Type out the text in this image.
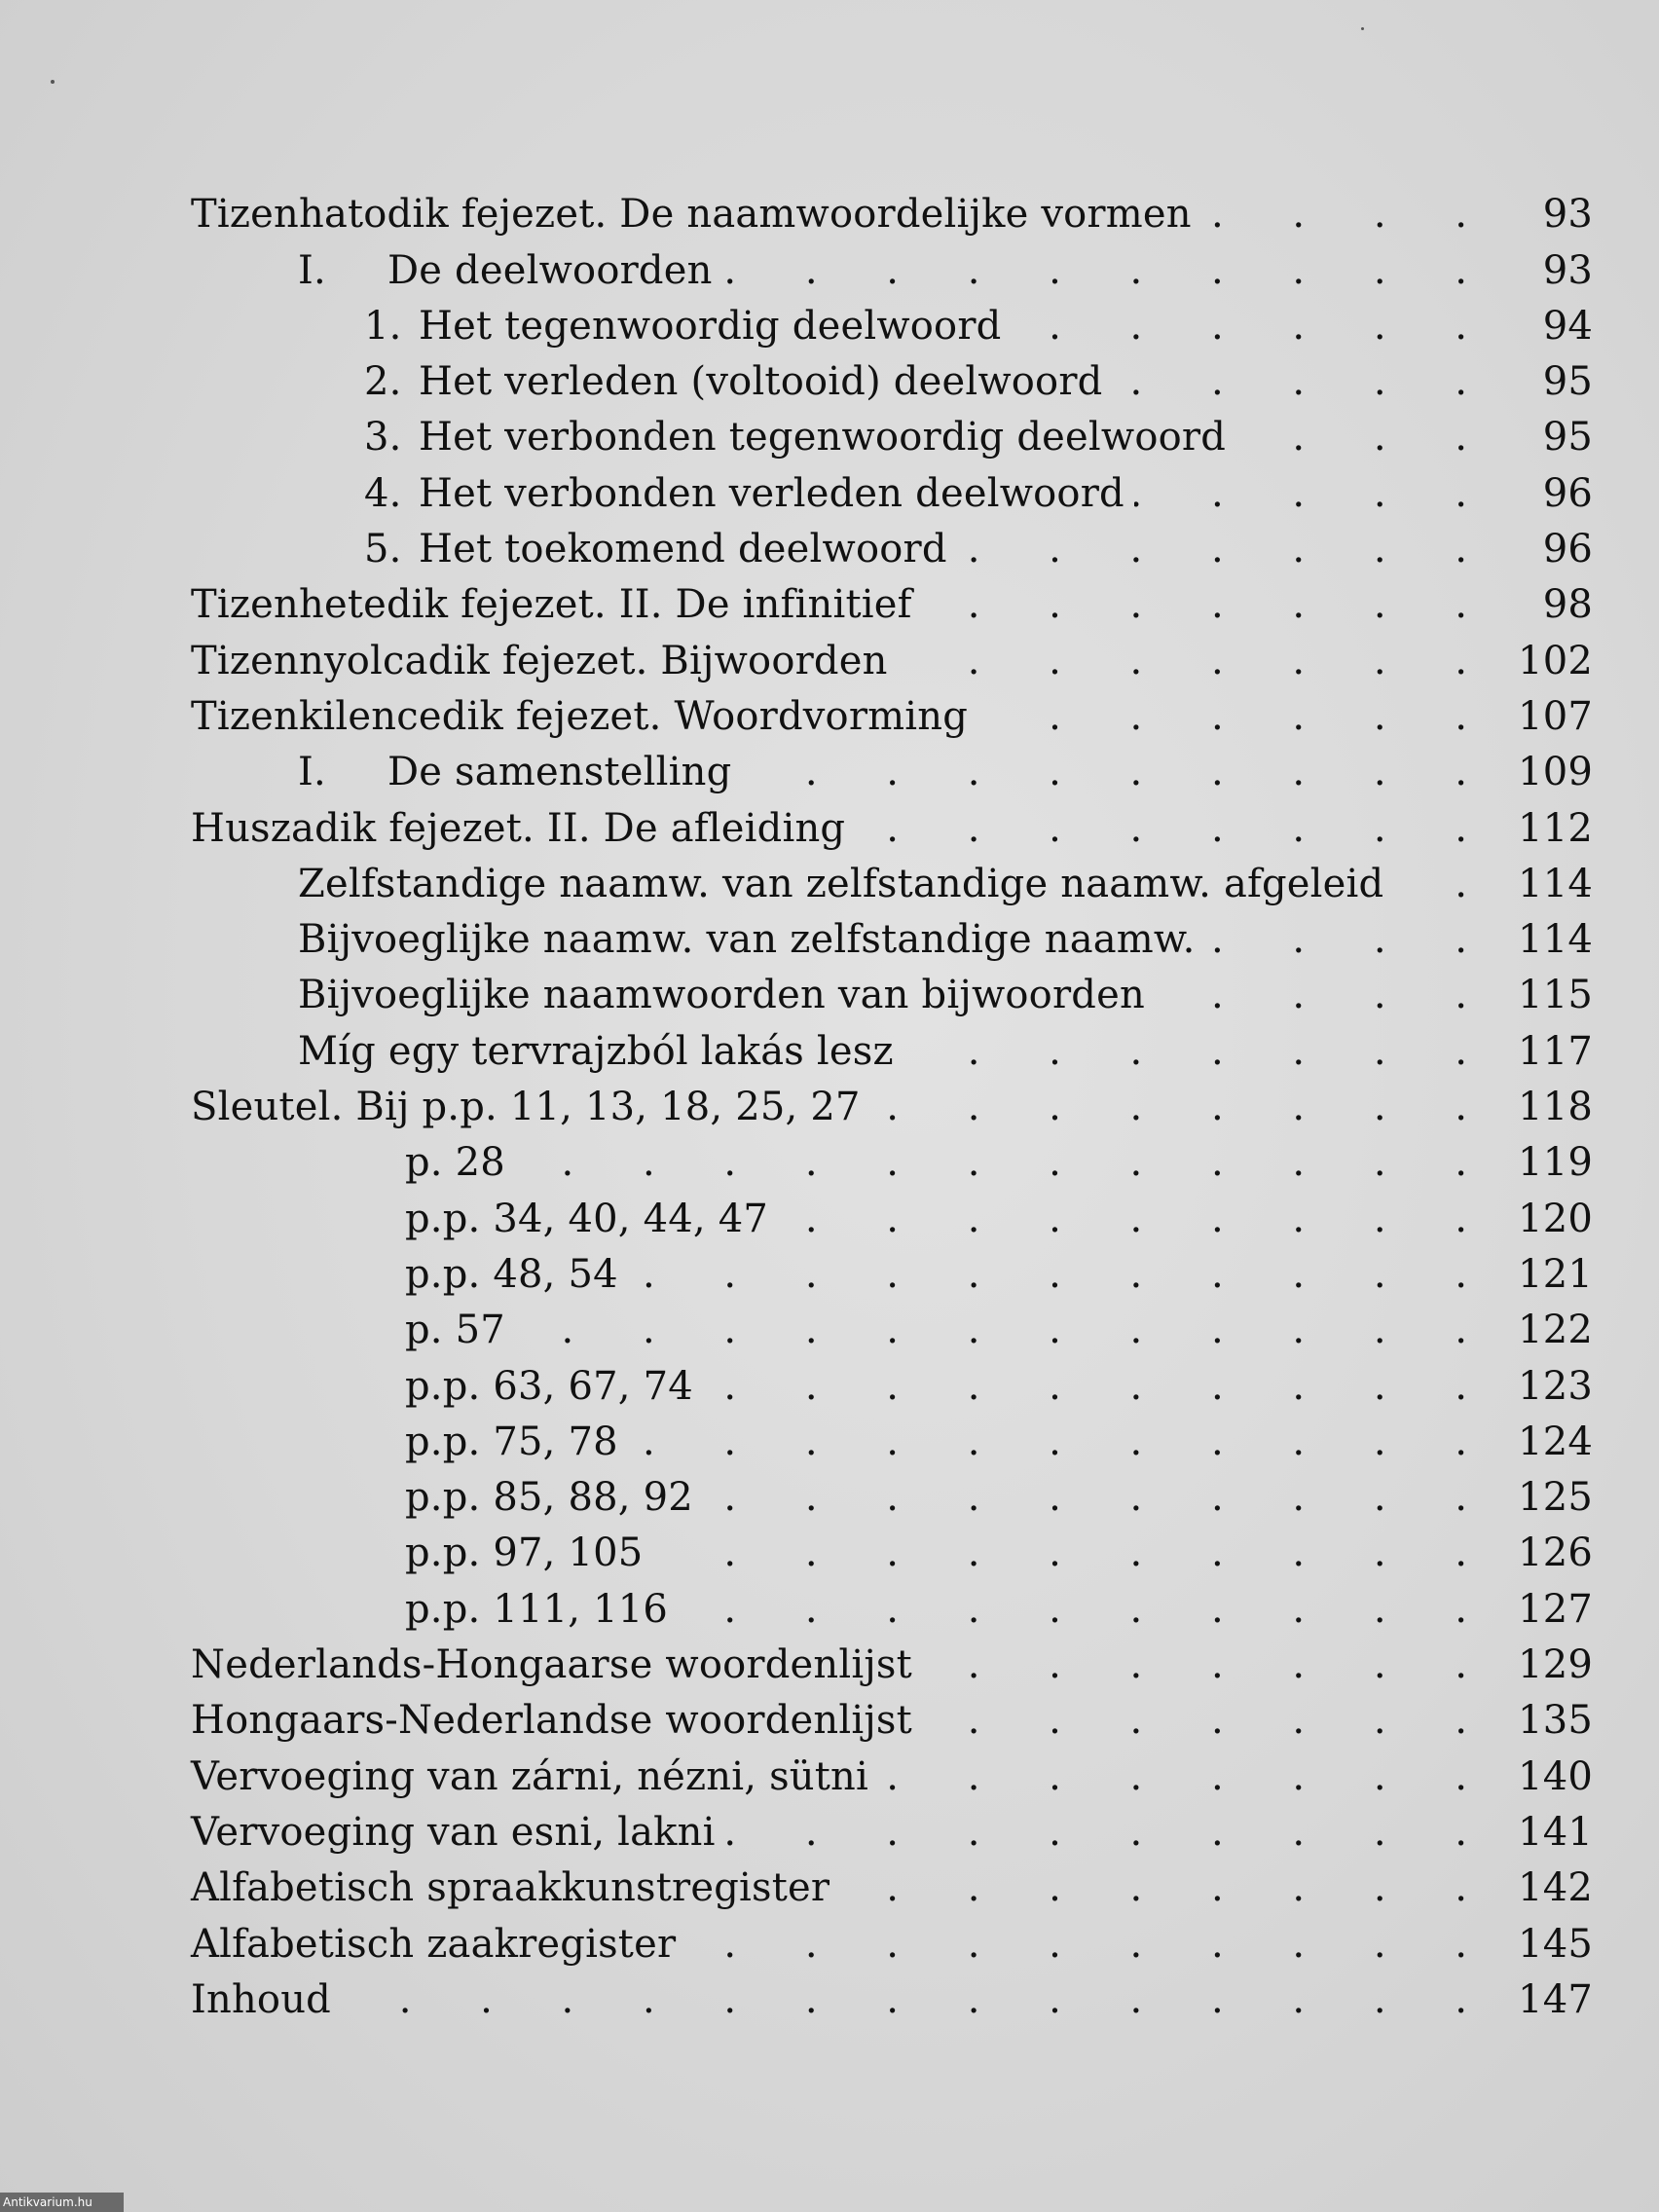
Tizenhatodik fejezet. De naamwoordelijke vormen . . .	93
I. De deelwoorden . . .	93
1. Het tegenwoordig deelwoord . . .	94
2. Het verleden (voltooid) deelwoord . . .	95
3. Het verbonden tegenwoordig deelwoord . . .	95
4. Het verbonden verleden deelwoord . . .	96
5. Het toekomend deelwoord . . .	96
Tizenhetedik fejezet. II. De infinitief . . .	98
Tizennyolcadik fejezet. Bijwoorden . . .	102
Tizenkilencedik fejezet. Woordvorming . . .	107
I. De samenstelling . . .	109
Huszadik fejezet. II. De afleiding . . .	112
Zelfstandige naamw. van zelfstandige naamw. afgeleid . . .	114
Bijvoeglijke naamw. van zelfstandige naamw. . . .	114
Bijvoeglijke naamwoorden van bijwoorden . . .	115
Míg egy tervrajzból lakás lesz . . .	117
Sleutel. Bij p.p. 11, 13, 18, 25, 27 . . .	118
p. 28 . . .	119
p.p. 34, 40, 44, 47 . . .	120
p.p. 48, 54 . . .	121
p. 57 . . .	122
p.p. 63, 67, 74 . . .	123
p.p. 75, 78 . . .	124
p.p. 85, 88, 92 . . .	125
p.p. 97, 105 . . .	126
p.p. 111, 116 . . .	127
Nederlands-Hongaarse woordenlijst . . .	129
Hongaars-Nederlandse woordenlijst . . .	135
Vervoeging van zárni, nézni, sütni . . .	140
Vervoeging van esni, lakni . . .	141
Alfabetisch spraakkunstregister . . .	142
Alfabetisch zaakregister . . .	145
Inhoud . . .	147
Antikvarium.hu
